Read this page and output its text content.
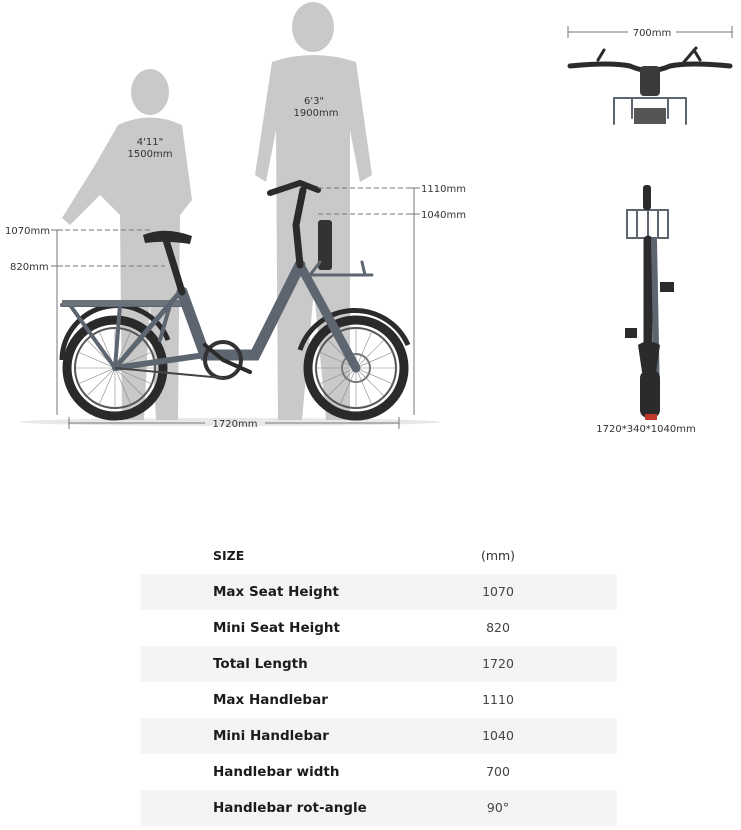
4'11"
1500mm
6'3"
1900mm
1110mm
1040mm
1070mm
820mm
1720mm
700mm
1720*340*1040mm
SIZE	(mm)
Max Seat Height	1070
Mini Seat Height	820
Total Length	1720
Max Handlebar	1110
Mini Handlebar	1040
Handlebar width	700
Handlebar rot-angle	90°
